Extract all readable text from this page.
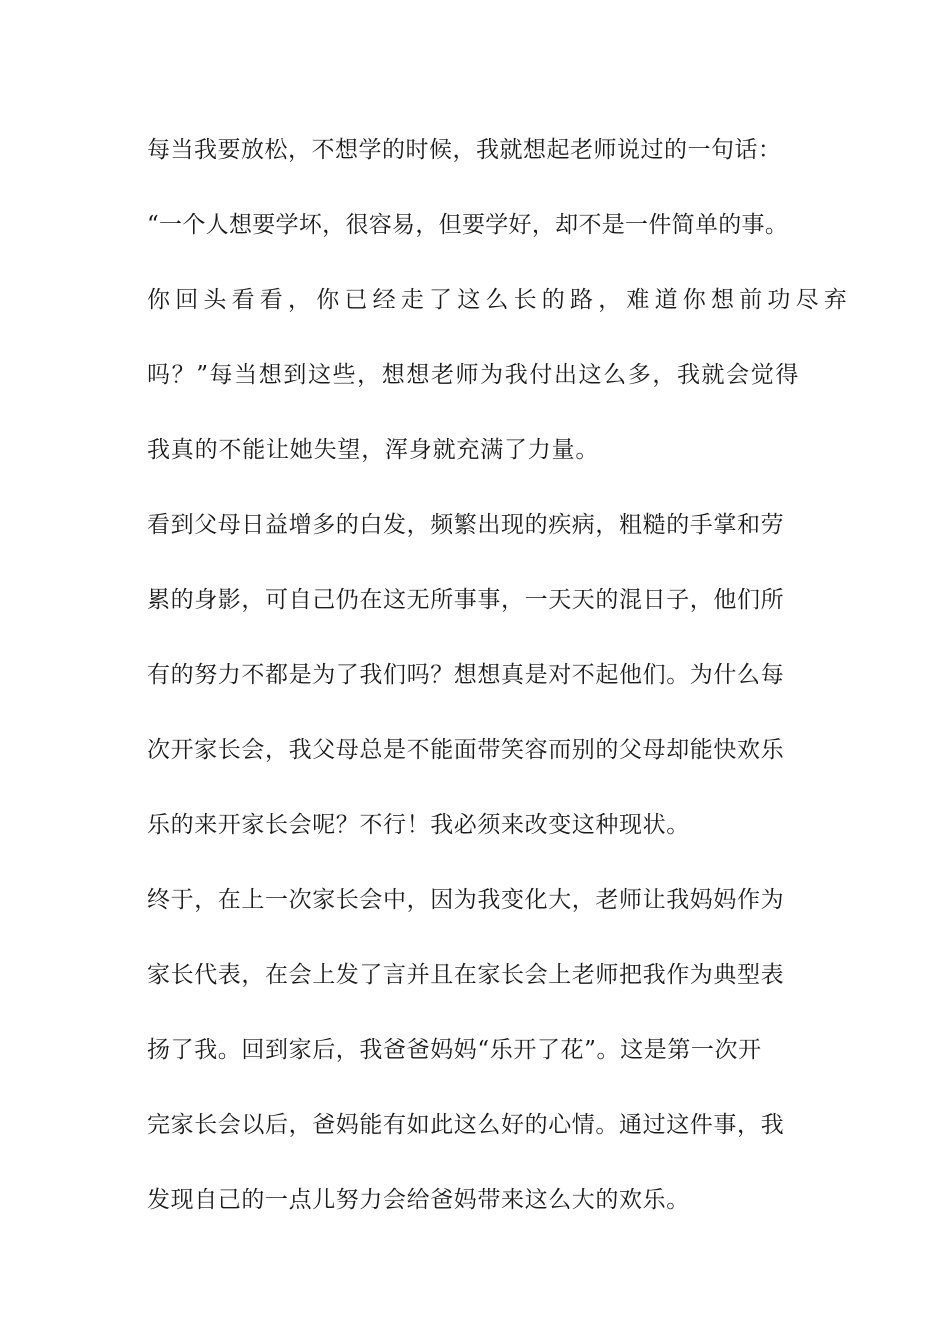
每当我要放松，不想学的时候，我就想起老师说过的一句话：
“一个人想要学坏，很容易，但要学好，却不是一件简单的事。
你回头看看，你已经走了这么长的路，难道你想前功尽弃
吗？”每当想到这些，想想老师为我付出这么多，我就会觉得
我真的不能让她失望，浑身就充满了力量。
看到父母日益增多的白发，频繁出现的疾病，粗糙的手掌和劳
累的身影，可自己仍在这无所事事，一天天的混日子，他们所
有的努力不都是为了我们吗？想想真是对不起他们。为什么每
次开家长会，我父母总是不能面带笑容而别的父母却能快欢乐
乐的来开家长会呢？不行！我必须来改变这种现状。
终于，在上一次家长会中，因为我变化大，老师让我妈妈作为
家长代表，在会上发了言并且在家长会上老师把我作为典型表
扬了我。回到家后，我爸爸妈妈“乐开了花”。这是第一次开
完家长会以后，爸妈能有如此这么好的心情。通过这件事，我
发现自己的一点儿努力会给爸妈带来这么大的欢乐。
